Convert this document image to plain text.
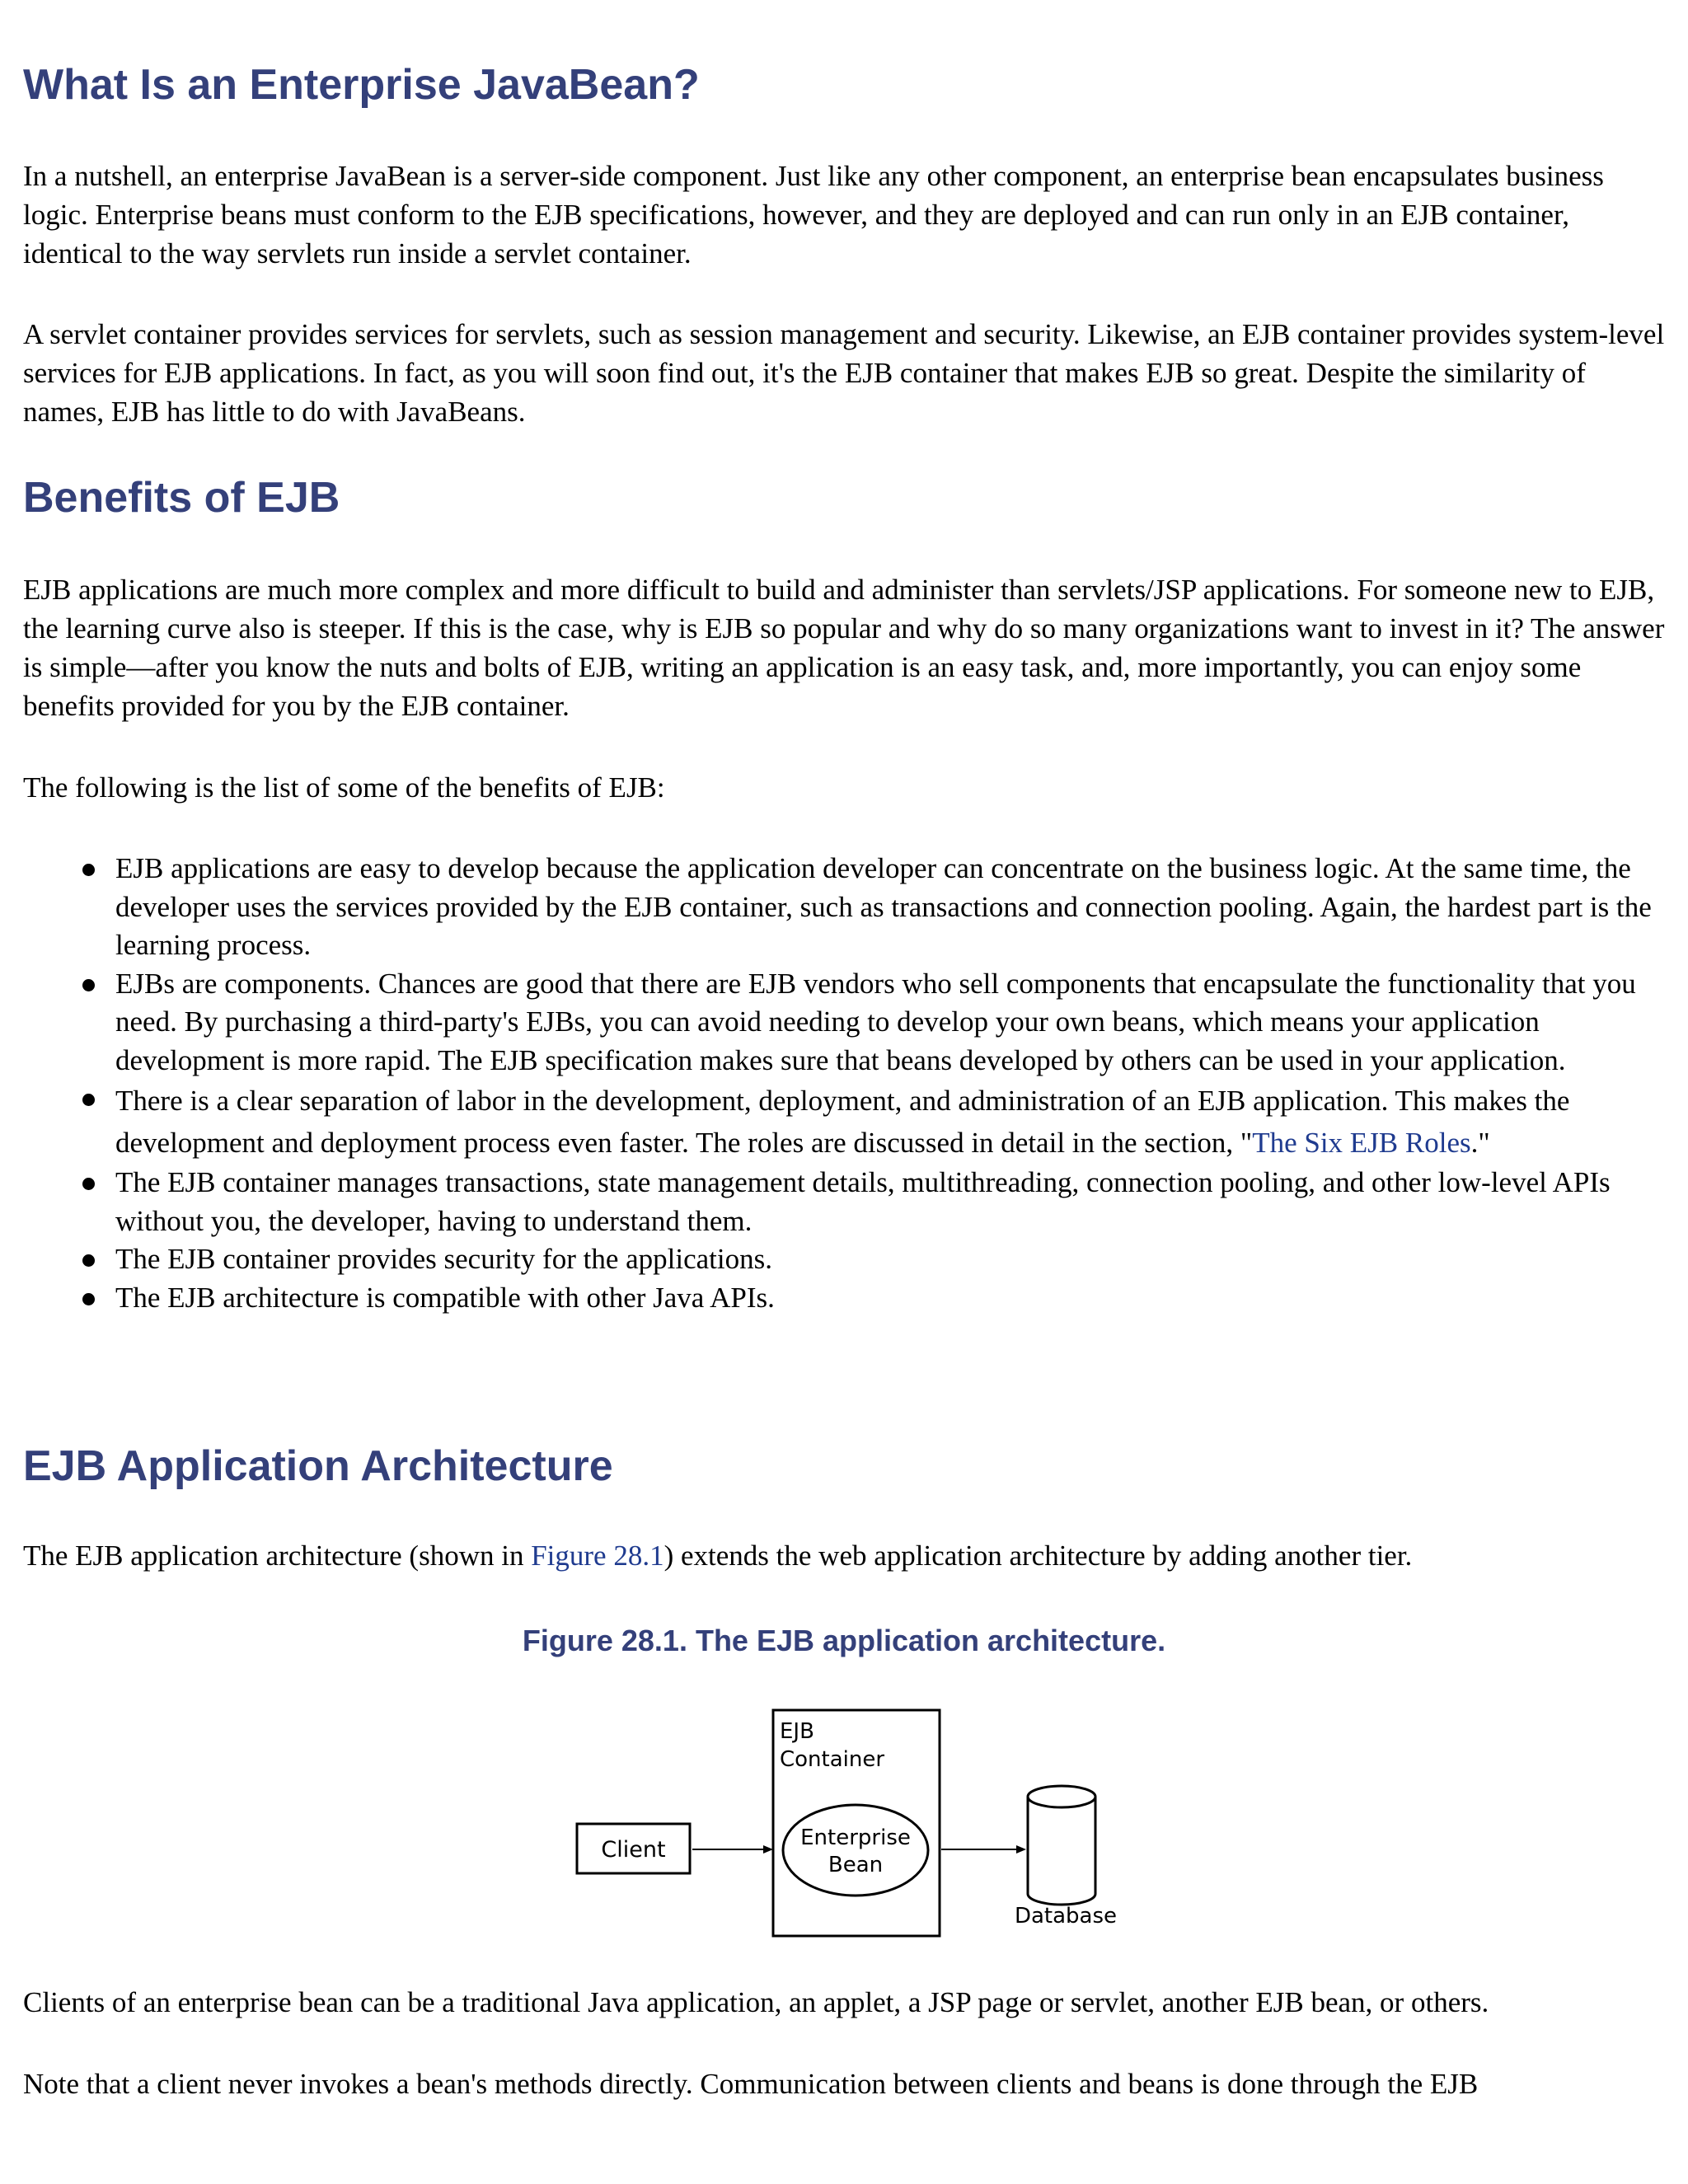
What Is an Enterprise JavaBean?

In a nutshell, an enterprise JavaBean is a server-side component. Just like any other component, an enterprise bean encapsulates business logic. Enterprise beans must conform to the EJB specifications, however, and they are deployed and can run only in an EJB container, identical to the way servlets run inside a servlet container.

A servlet container provides services for servlets, such as session management and security. Likewise, an EJB container provides system-level services for EJB applications. In fact, as you will soon find out, it's the EJB container that makes EJB so great. Despite the similarity of names, EJB has little to do with JavaBeans.

Benefits of EJB

EJB applications are much more complex and more difficult to build and administer than servlets/JSP applications. For someone new to EJB, the learning curve also is steeper. If this is the case, why is EJB so popular and why do so many organizations want to invest in it? The answer is simple—after you know the nuts and bolts of EJB, writing an application is an easy task, and, more importantly, you can enjoy some benefits provided for you by the EJB container.

The following is the list of some of the benefits of EJB:

EJB applications are easy to develop because the application developer can concentrate on the business logic. At the same time, the developer uses the services provided by the EJB container, such as transactions and connection pooling. Again, the hardest part is the learning process.
EJBs are components. Chances are good that there are EJB vendors who sell components that encapsulate the functionality that you need. By purchasing a third-party's EJBs, you can avoid needing to develop your own beans, which means your application development is more rapid. The EJB specification makes sure that beans developed by others can be used in your application.
There is a clear separation of labor in the development, deployment, and administration of an EJB application. This makes the development and deployment process even faster. The roles are discussed in detail in the section, "The Six EJB Roles."
The EJB container manages transactions, state management details, multithreading, connection pooling, and other low-level APIs without you, the developer, having to understand them.
The EJB container provides security for the applications.
The EJB architecture is compatible with other Java APIs.
EJB Application Architecture

The EJB application architecture (shown in Figure 28.1) extends the web application architecture by adding another tier.

Figure 28.1. The EJB application architecture.

Clients of an enterprise bean can be a traditional Java application, an applet, a JSP page or servlet, another EJB bean, or others.

Note that a client never invokes a bean's methods directly. Communication between clients and beans is done through the EJB

Client
EJB
Container
Enterprise
Bean
Database
